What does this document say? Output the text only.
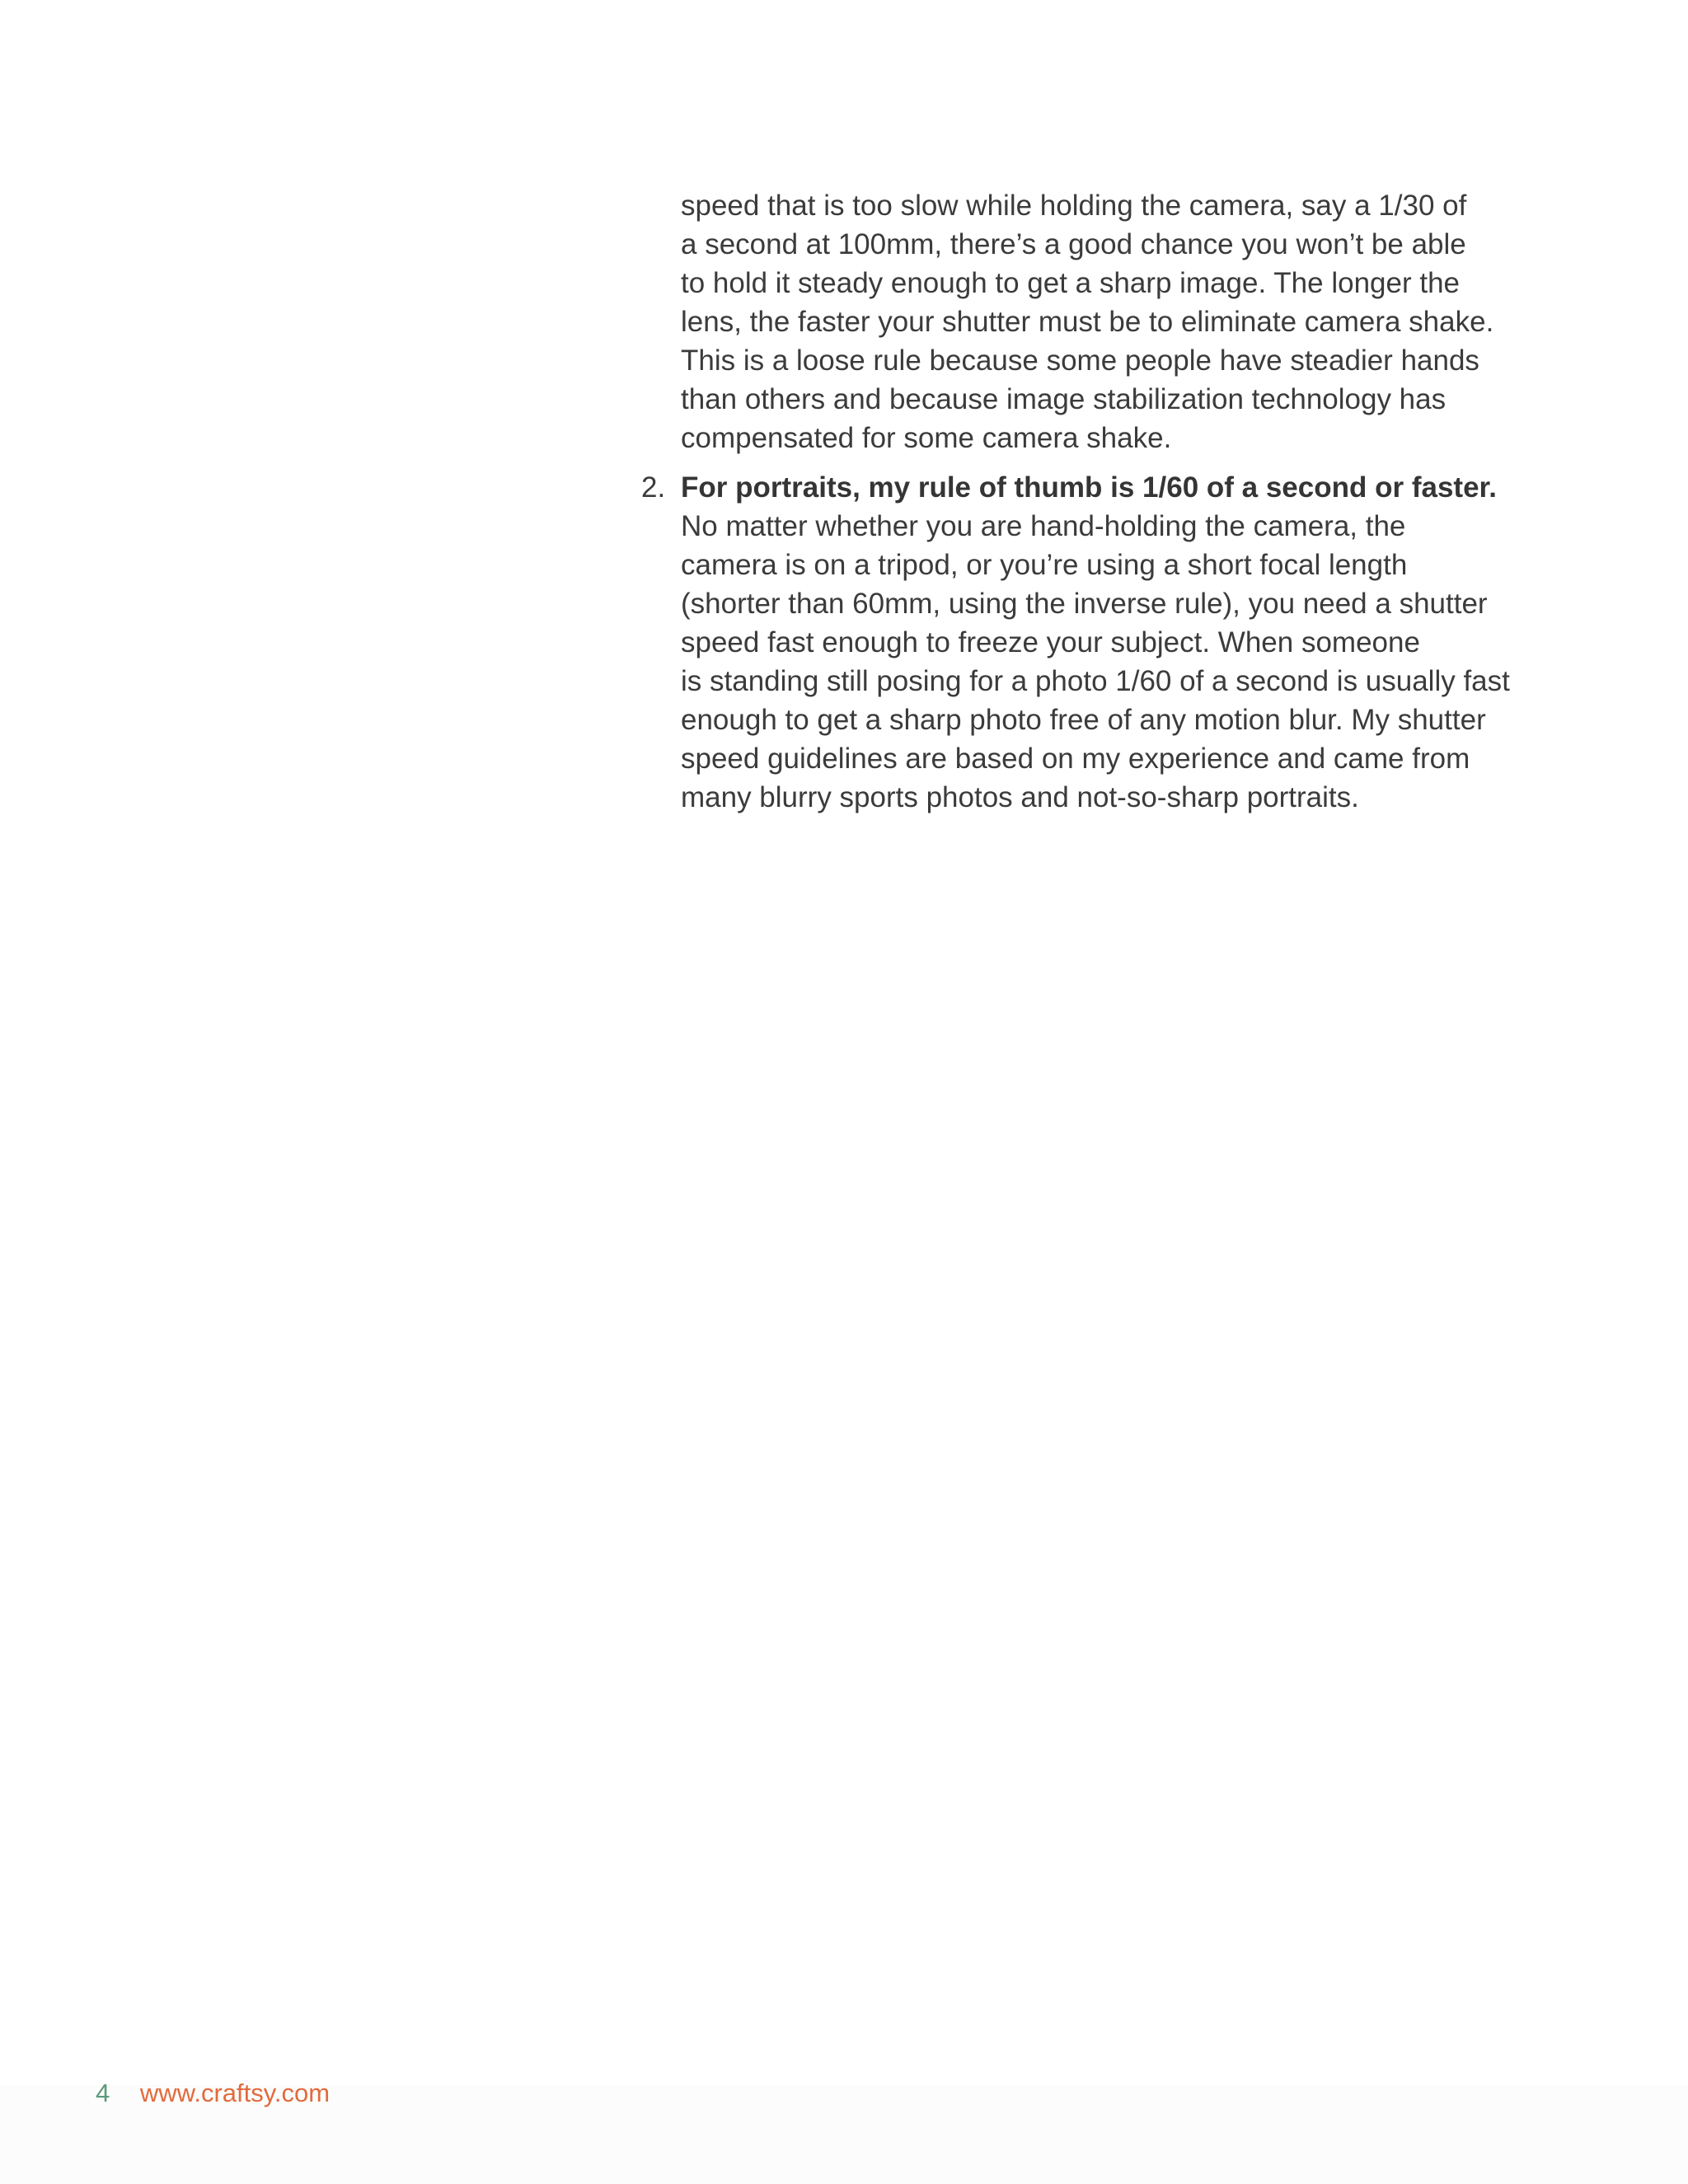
speed that is too slow while holding the camera, say a 1/30 of
a second at 100mm, there’s a good chance you won’t be able
to hold it steady enough to get a sharp image. The longer the
lens, the faster your shutter must be to eliminate camera shake.
This is a loose rule because some people have steadier hands
than others and because image stabilization technology has
compensated for some camera shake.
2. For portraits, my rule of thumb is 1/60 of a second or faster.
No matter whether you are hand-holding the camera, the
camera is on a tripod, or you’re using a short focal length
(shorter than 60mm, using the inverse rule), you need a shutter
speed fast enough to freeze your subject. When someone
is standing still posing for a photo 1/60 of a second is usually fast
enough to get a sharp photo free of any motion blur. My shutter
speed guidelines are based on my experience and came from
many blurry sports photos and not-so-sharp portraits.
4 www.craftsy.com
